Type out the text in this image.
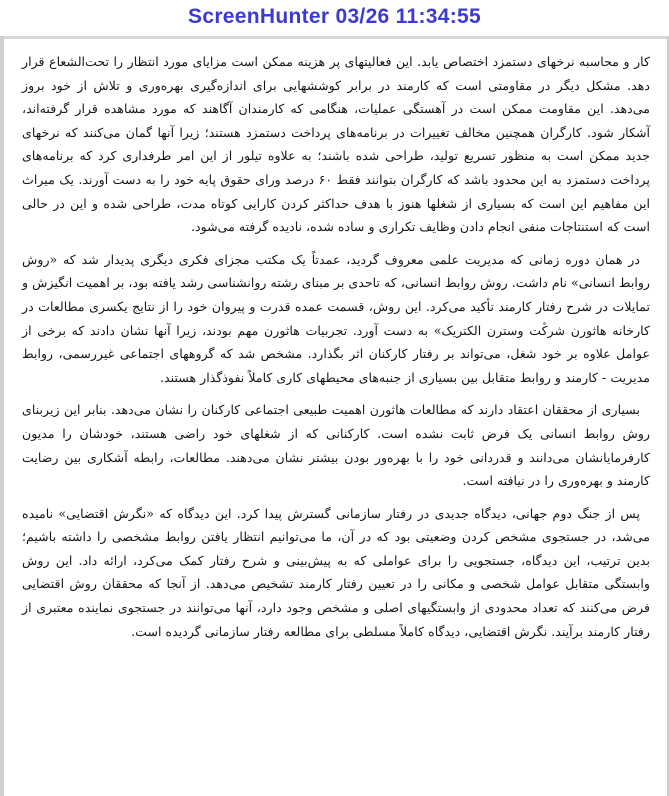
ScreenHunter 03/26 11:34:55

کار و محاسبه نرخهای دستمزد اختصاص یابد. این فعالیتهای پر هزینه ممکن است مزایای مورد انتظار را تحت‌الشعاع قرار دهد. مشکل دیگر در مقاومتی است که کارمند در برابر کوششهایی برای اندازه‌گیری بهره‌وری و تلاش از خود بروز می‌دهد. این مقاومت ممکن است در آهستگی عملیات، هنگامی که کارمندان آگاهند که مورد مشاهده قرار گرفته‌اند، آشکار شود. کارگران همچنین مخالف تغییرات در برنامه‌های پرداخت دستمزد هستند؛ زیرا آنها گمان می‌کنند که نرخهای جدید ممکن است به منظور تسریع تولید، طراحی شده باشند؛ به علاوه تیلور از این امر طرفداری کرد که برنامه‌های پرداخت دستمزد به این محدود باشد که کارگران بتوانند فقط ۶۰ درصد ورای حقوق پایه خود را به دست آورند. یک میراث این مفاهیم این است که بسیاری از شغلها هنوز با هدف حداکثر کردن کارایی کوتاه مدت، طراحی شده و این در حالی است که استنتاجات منفی انجام دادن وظایف تکراری و ساده شده، نادیده گرفته می‌شود.

در همان دوره زمانی که مدیریت علمی معروف گردید، عمدتاً یک مکتب مجزای فکری دیگری پدیدار شد که «روش روابط انسانی» نام داشت. روش روابط انسانی، که تاحدی بر مبنای رشته روانشناسی رشد یافته بود، بر اهمیت انگیزش و تمایلات در شرح رفتار کارمند تأکید می‌کرد. این روش، قسمت عمده قدرت و پیروان خود را از نتایج یکسری مطالعات در کارخانه هاثورن شرکت وسترن الکتریک» به دست آورد. تجربیات هاثورن مهم بودند، زیرا آنها نشان دادند که برخی از عوامل علاوه بر خود شغل، می‌تواند بر رفتار کارکنان اثر بگذارد. مشخص شد که گروههای اجتماعی غیررسمی، روابط مدیریت - کارمند و روابط متقابل بین بسیاری از جنبه‌های محیطهای کاری کاملاً نفوذگذار هستند.

بسیاری از محققان اعتقاد دارند که مطالعات هاثورن اهمیت طبیعی اجتماعی کارکنان را نشان می‌دهد. بنابر این زیربنای روش روابط انسانی یک فرض ثابت نشده است. کارکنانی که از شغلهای خود راضی هستند، خودشان را مدیون کارفرمایانشان می‌دانند و قدردانی خود را با بهره‌ور بودن بیشتر نشان می‌دهند. مطالعات، رابطه آشکاری بین رضایت کارمند و بهره‌وری را در نیافته است.

پس از جنگ دوم جهانی، دیدگاه جدیدی در رفتار سازمانی گسترش پیدا کرد. این دیدگاه که «نگرش اقتضایی» نامیده می‌شد، در جستجوی مشخص کردن وضعیتی بود که در آن، ما می‌توانیم انتظار یافتن روابط مشخصی را داشته باشیم؛ بدین ترتیب، این دیدگاه، جستجویی را برای عواملی که به پیش‌بینی و شرح رفتار کمک می‌کرد، ارائه داد. این روش وابستگی متقابل عوامل شخصی و مکانی را در تعیین رفتار کارمند تشخیص می‌دهد. از آنجا که محققان روش اقتضایی فرض می‌کنند که تعداد محدودی از وابستگیهای اصلی و مشخص وجود دارد، آنها می‌توانند در جستجوی نماینده معتبری از رفتار کارمند برآیند. نگرش اقتضایی، دیدگاه کاملاً مسلطی برای مطالعه رفتار سازمانی گردیده است.
